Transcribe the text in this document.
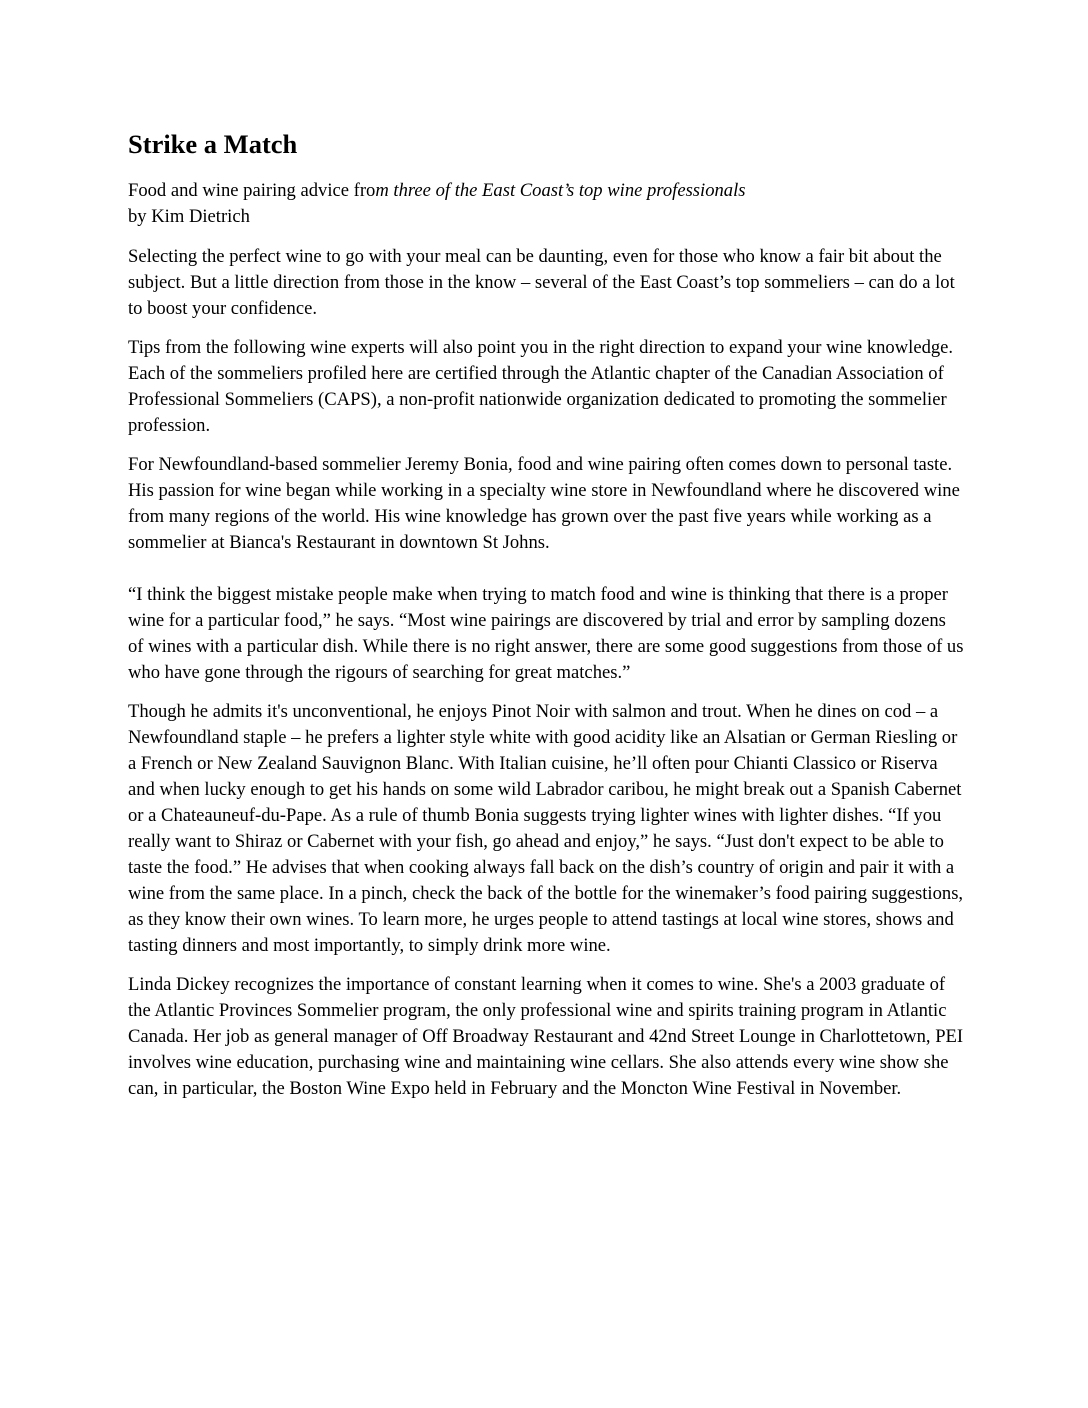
Strike a Match

Food and wine pairing advice from three of the East Coast’s top wine professionals
by Kim Dietrich

Selecting the perfect wine to go with your meal can be daunting, even for those who know a fair bit about the subject. But a little direction from those in the know – several of the East Coast’s top sommeliers – can do a lot to boost your confidence.

Tips from the following wine experts will also point you in the right direction to expand your wine knowledge. Each of the sommeliers profiled here are certified through the Atlantic chapter of the Canadian Association of Professional Sommeliers (CAPS), a non-profit nationwide organization dedicated to promoting the sommelier profession.

For Newfoundland-based sommelier Jeremy Bonia, food and wine pairing often comes down to personal taste. His passion for wine began while working in a specialty wine store in Newfoundland where he discovered wine from many regions of the world. His wine knowledge has grown over the past five years while working as a sommelier at Bianca's Restaurant in downtown St Johns.

“I think the biggest mistake people make when trying to match food and wine is thinking that there is a proper wine for a particular food,” he says. “Most wine pairings are discovered by trial and error by sampling dozens of wines with a particular dish. While there is no right answer, there are some good suggestions from those of us who have gone through the rigours of searching for great matches.”

Though he admits it's unconventional, he enjoys Pinot Noir with salmon and trout. When he dines on cod – a Newfoundland staple – he prefers a lighter style white with good acidity like an Alsatian or German Riesling or a French or New Zealand Sauvignon Blanc. With Italian cuisine, he’ll often pour Chianti Classico or Riserva and when lucky enough to get his hands on some wild Labrador caribou, he might break out a Spanish Cabernet or a Chateauneuf-du-Pape. As a rule of thumb Bonia suggests trying lighter wines with lighter dishes. “If you really want to Shiraz or Cabernet with your fish, go ahead and enjoy,” he says. “Just don't expect to be able to taste the food.” He advises that when cooking always fall back on the dish’s country of origin and pair it with a wine from the same place. In a pinch, check the back of the bottle for the winemaker’s food pairing suggestions, as they know their own wines. To learn more, he urges people to attend tastings at local wine stores, shows and tasting dinners and most importantly, to simply drink more wine.

Linda Dickey recognizes the importance of constant learning when it comes to wine. She's a 2003 graduate of the Atlantic Provinces Sommelier program, the only professional wine and spirits training program in Atlantic Canada. Her job as general manager of Off Broadway Restaurant and 42nd Street Lounge in Charlottetown, PEI involves wine education, purchasing wine and maintaining wine cellars. She also attends every wine show she can, in particular, the Boston Wine Expo held in February and the Moncton Wine Festival in November.
